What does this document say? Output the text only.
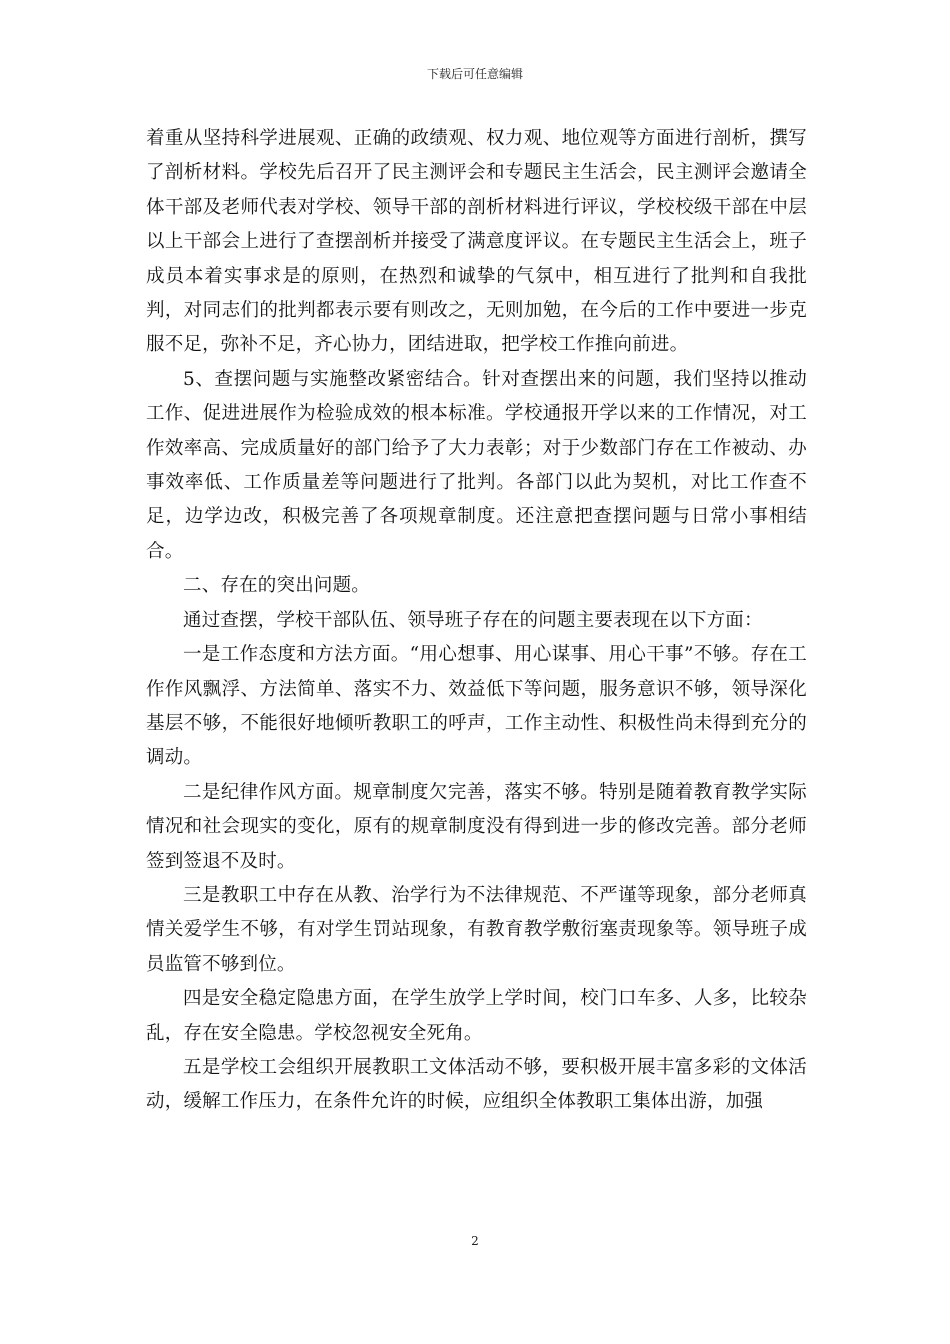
下载后可任意编辑

着重从坚持科学进展观、正确的政绩观、权力观、地位观等方面进行剖析，撰写了剖析材料。学校先后召开了民主测评会和专题民主生活会，民主测评会邀请全体干部及老师代表对学校、领导干部的剖析材料进行评议，学校校级干部在中层以上干部会上进行了查摆剖析并接受了满意度评议。在专题民主生活会上，班子成员本着实事求是的原则，在热烈和诚挚的气氛中，相互进行了批判和自我批判，对同志们的批判都表示要有则改之，无则加勉，在今后的工作中要进一步克服不足，弥补不足，齐心协力，团结进取，把学校工作推向前进。

5、查摆问题与实施整改紧密结合。针对查摆出来的问题，我们坚持以推动工作、促进进展作为检验成效的根本标准。学校通报开学以来的工作情况，对工作效率高、完成质量好的部门给予了大力表彰；对于少数部门存在工作被动、办事效率低、工作质量差等问题进行了批判。各部门以此为契机，对比工作查不足，边学边改，积极完善了各项规章制度。还注意把查摆问题与日常小事相结合。

二、存在的突出问题。

通过查摆，学校干部队伍、领导班子存在的问题主要表现在以下方面：

一是工作态度和方法方面。“用心想事、用心谋事、用心干事”不够。存在工作作风飘浮、方法简单、落实不力、效益低下等问题，服务意识不够，领导深化基层不够，不能很好地倾听教职工的呼声，工作主动性、积极性尚未得到充分的调动。

二是纪律作风方面。规章制度欠完善，落实不够。特别是随着教育教学实际情况和社会现实的变化，原有的规章制度没有得到进一步的修改完善。部分老师签到签退不及时。

三是教职工中存在从教、治学行为不法律规范、不严谨等现象，部分老师真情关爱学生不够，有对学生罚站现象，有教育教学敷衍塞责现象等。领导班子成员监管不够到位。

四是安全稳定隐患方面，在学生放学上学时间，校门口车多、人多，比较杂乱，存在安全隐患。学校忽视安全死角。

五是学校工会组织开展教职工文体活动不够，要积极开展丰富多彩的文体活动，缓解工作压力，在条件允许的时候，应组织全体教职工集体出游，加强

2
